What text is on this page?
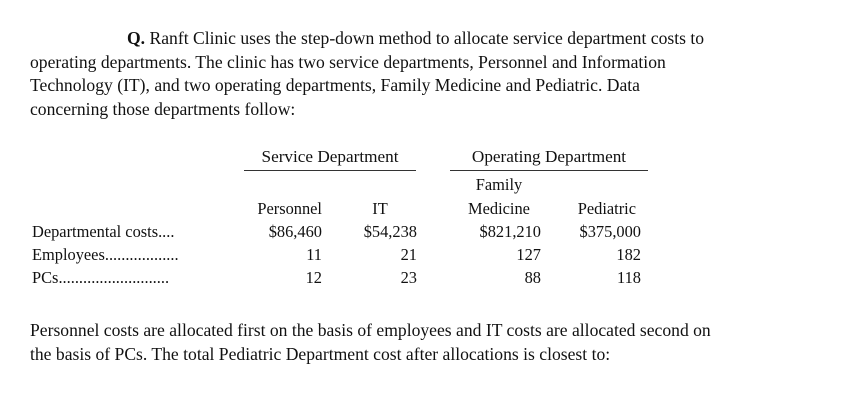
Q. Ranft Clinic uses the step-down method to allocate service department costs to
operating departments. The clinic has two service departments, Personnel and Information
Technology (IT), and two operating departments, Family Medicine and Pediatric. Data
concerning those departments follow:
Service Department	Operating Department
Family
Personnel	IT	Medicine	Pediatric
Departmental costs....	$86,460	$54,238	$821,210	$375,000
Employees..................	11	21	127	182
PCs...........................	12	23	88	118
Personnel costs are allocated first on the basis of employees and IT costs are allocated second on
the basis of PCs. The total Pediatric Department cost after allocations is closest to:
